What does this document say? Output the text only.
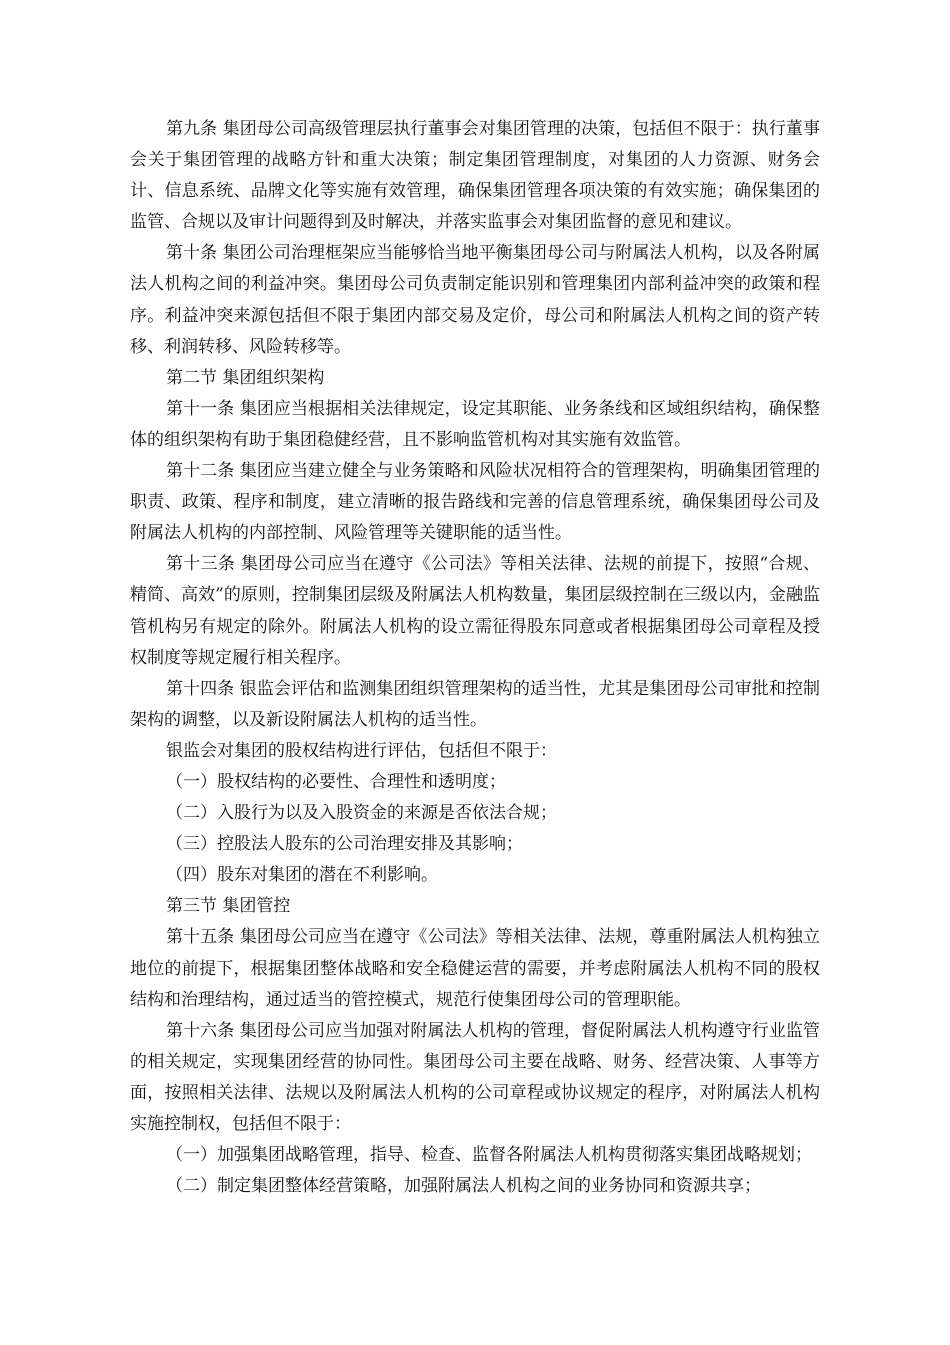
第九条 集团母公司高级管理层执行董事会对集团管理的决策，包括但不限于：执行董事会关于集团管理的战略方针和重大决策；制定集团管理制度，对集团的人力资源、财务会计、信息系统、品牌文化等实施有效管理，确保集团管理各项决策的有效实施；确保集团的监管、合规以及审计问题得到及时解决，并落实监事会对集团监督的意见和建议。

第十条 集团公司治理框架应当能够恰当地平衡集团母公司与附属法人机构，以及各附属法人机构之间的利益冲突。集团母公司负责制定能识别和管理集团内部利益冲突的政策和程序。利益冲突来源包括但不限于集团内部交易及定价，母公司和附属法人机构之间的资产转移、利润转移、风险转移等。

第二节 集团组织架构

第十一条 集团应当根据相关法律规定，设定其职能、业务条线和区域组织结构，确保整体的组织架构有助于集团稳健经营，且不影响监管机构对其实施有效监管。

第十二条 集团应当建立健全与业务策略和风险状况相符合的管理架构，明确集团管理的职责、政策、程序和制度，建立清晰的报告路线和完善的信息管理系统，确保集团母公司及附属法人机构的内部控制、风险管理等关键职能的适当性。

第十三条 集团母公司应当在遵守《公司法》等相关法律、法规的前提下，按照“合规、精简、高效”的原则，控制集团层级及附属法人机构数量，集团层级控制在三级以内，金融监管机构另有规定的除外。附属法人机构的设立需征得股东同意或者根据集团母公司章程及授权制度等规定履行相关程序。

第十四条 银监会评估和监测集团组织管理架构的适当性，尤其是集团母公司审批和控制架构的调整，以及新设附属法人机构的适当性。

银监会对集团的股权结构进行评估，包括但不限于：

（一）股权结构的必要性、合理性和透明度；

（二）入股行为以及入股资金的来源是否依法合规；

（三）控股法人股东的公司治理安排及其影响；

（四）股东对集团的潜在不利影响。

第三节 集团管控

第十五条 集团母公司应当在遵守《公司法》等相关法律、法规，尊重附属法人机构独立地位的前提下，根据集团整体战略和安全稳健运营的需要，并考虑附属法人机构不同的股权结构和治理结构，通过适当的管控模式，规范行使集团母公司的管理职能。

第十六条 集团母公司应当加强对附属法人机构的管理，督促附属法人机构遵守行业监管的相关规定，实现集团经营的协同性。集团母公司主要在战略、财务、经营决策、人事等方面，按照相关法律、法规以及附属法人机构的公司章程或协议规定的程序，对附属法人机构实施控制权，包括但不限于：

（一）加强集团战略管理，指导、检查、监督各附属法人机构贯彻落实集团战略规划；

（二）制定集团整体经营策略，加强附属法人机构之间的业务协同和资源共享；
